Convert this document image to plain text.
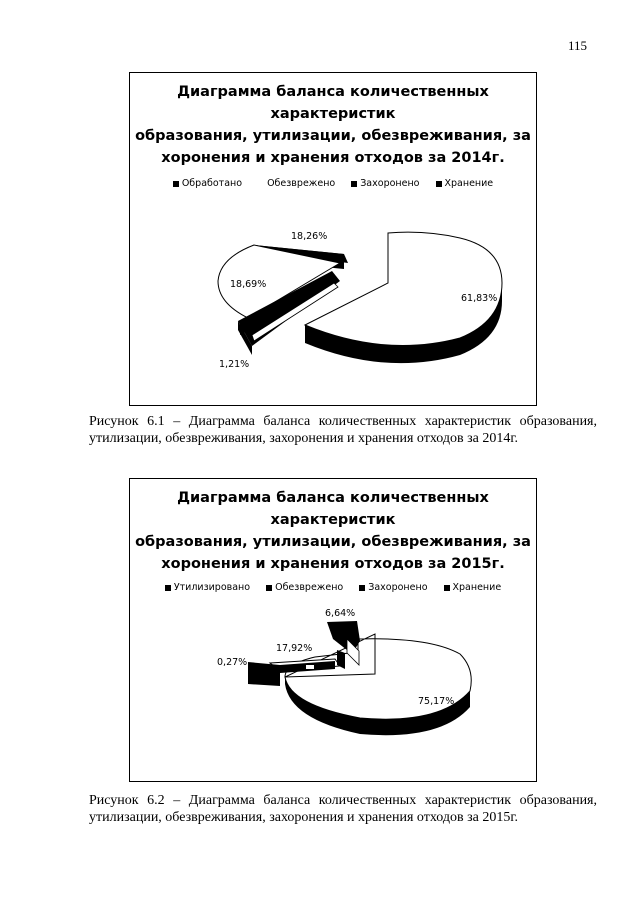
115
Диаграмма баланса количественных
характеристик
образования, утилизации, обезвреживания, за
хоронения и хранения отходов за 2014г.
Обработано	Обезврежено	Захоронено	Хранение
18,26%
18,69%
61,83%
1,21%
Рисунок 6.1 – Диаграмма баланса количественных характеристик образования, утилизации, обезвреживания, захоронения и хранения отходов за 2014г.
Диаграмма баланса количественных
характеристик
образования, утилизации, обезвреживания, за
хоронения и хранения отходов за 2015г.
Утилизировано	Обезврежено	Захоронено	Хранение
6,64%
17,92%
0,27%
75,17%
Рисунок 6.2 – Диаграмма баланса количественных характеристик образования, утилизации, обезвреживания, захоронения и хранения отходов за 2015г.
